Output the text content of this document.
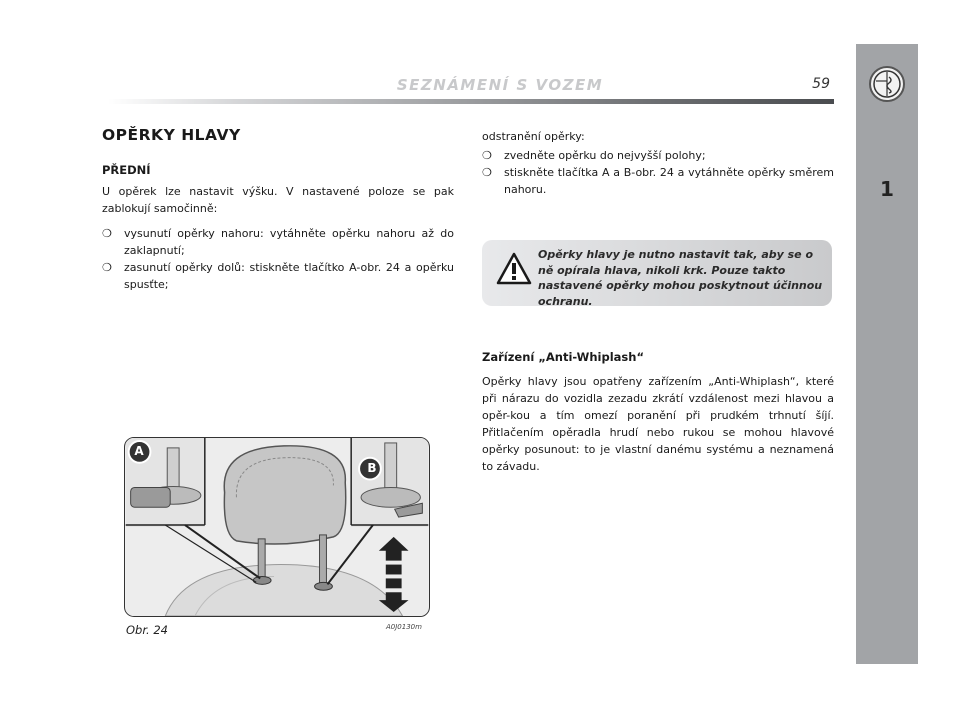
SEZNÁMENÍ S VOZEM	59
1
OPĚRKY HLAVY
PŘEDNÍ
U opěrek lze nastavit výšku. V nastavené poloze se pak zablokují samočinně:
❍ vysunutí opěrky nahoru: vytáhněte opěrku nahoru až do zaklapnutí;
❍ zasunutí opěrky dolů: stiskněte tlačítko A-obr. 24 a opěrku spusťte;
A
B
Obr. 24	A0J0130m
odstranění opěrky:
❍ zvedněte opěrku do nejvyšší polohy;
❍ stiskněte tlačítka A a B-obr. 24 a vytáhněte opěrky směrem nahoru.
Opěrky hlavy je nutno nastavit tak, aby se o ně opírala hlava, nikoli krk. Pouze takto nastavené opěrky mohou poskytnout účinnou ochranu.
Zařízení „Anti-Whiplash“
Opěrky hlavy jsou opatřeny zařízením „Anti-Whiplash“, které při nárazu do vozidla zezadu zkrátí vzdálenost mezi hlavou a opěr-kou a tím omezí poranění při prudkém trhnutí šíjí. Přitlačením opěradla hrudí nebo rukou se mohou hlavové opěrky posunout: to je vlastní danému systému a neznamená to závadu.
